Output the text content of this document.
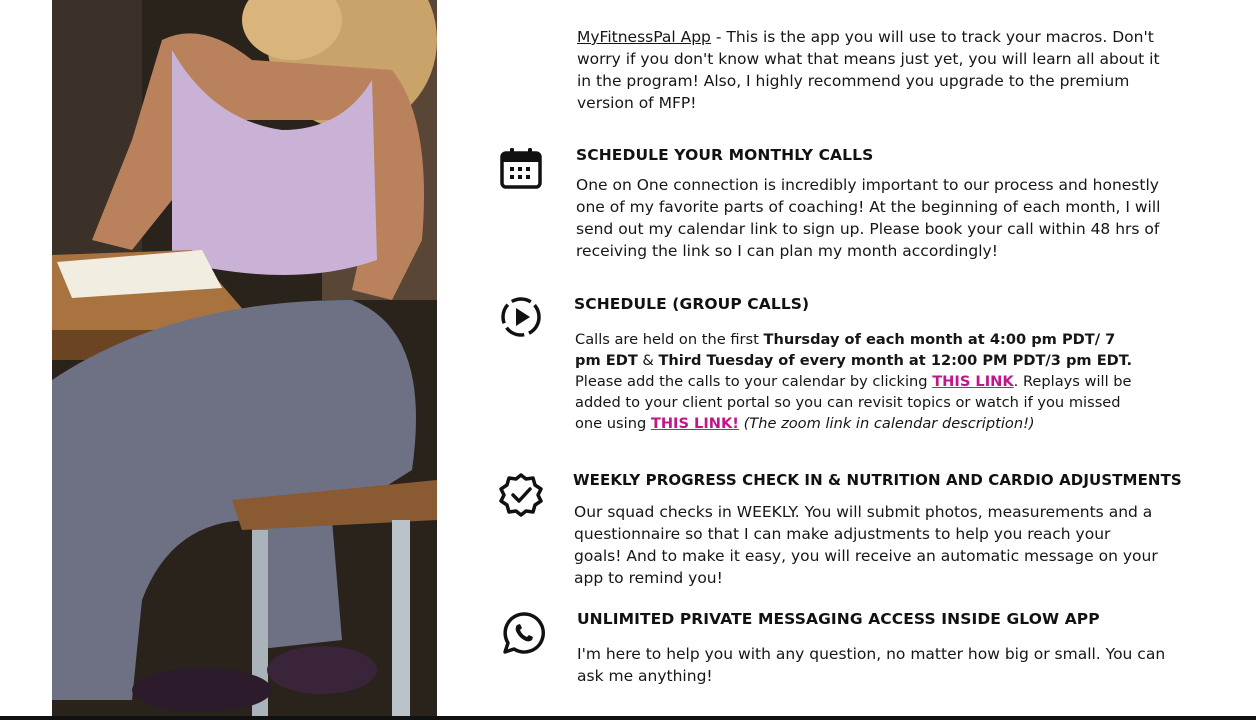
MyFitnessPal App - This is the app you will use to track your macros. Don't worry if you don't know what that means just yet, you will learn all about it in the program! Also, I highly recommend you upgrade to the premium version of MFP!
SCHEDULE YOUR MONTHLY CALLS
One on One connection is incredibly important to our process and honestly one of my favorite parts of coaching! At the beginning of each month, I will send out my calendar link to sign up. Please book your call within 48 hrs of receiving the link so I can plan my month accordingly!
SCHEDULE (GROUP CALLS)
Calls are held on the first Thursday of each month at 4:00 pm PDT/ 7 pm EDT & Third Tuesday of every month at 12:00 PM PDT/3 pm EDT. Please add the calls to your calendar by clicking THIS LINK. Replays will be added to your client portal so you can revisit topics or watch if you missed one using THIS LINK! (The zoom link in calendar description!)
WEEKLY PROGRESS CHECK IN & NUTRITION AND CARDIO ADJUSTMENTS
Our squad checks in WEEKLY. You will submit photos, measurements and a questionnaire so that I can make adjustments to help you reach your goals! And to make it easy, you will receive an automatic message on your app to remind you!
UNLIMITED PRIVATE MESSAGING ACCESS INSIDE GLOW APP
I'm here to help you with any question, no matter how big or small. You can ask me anything!
